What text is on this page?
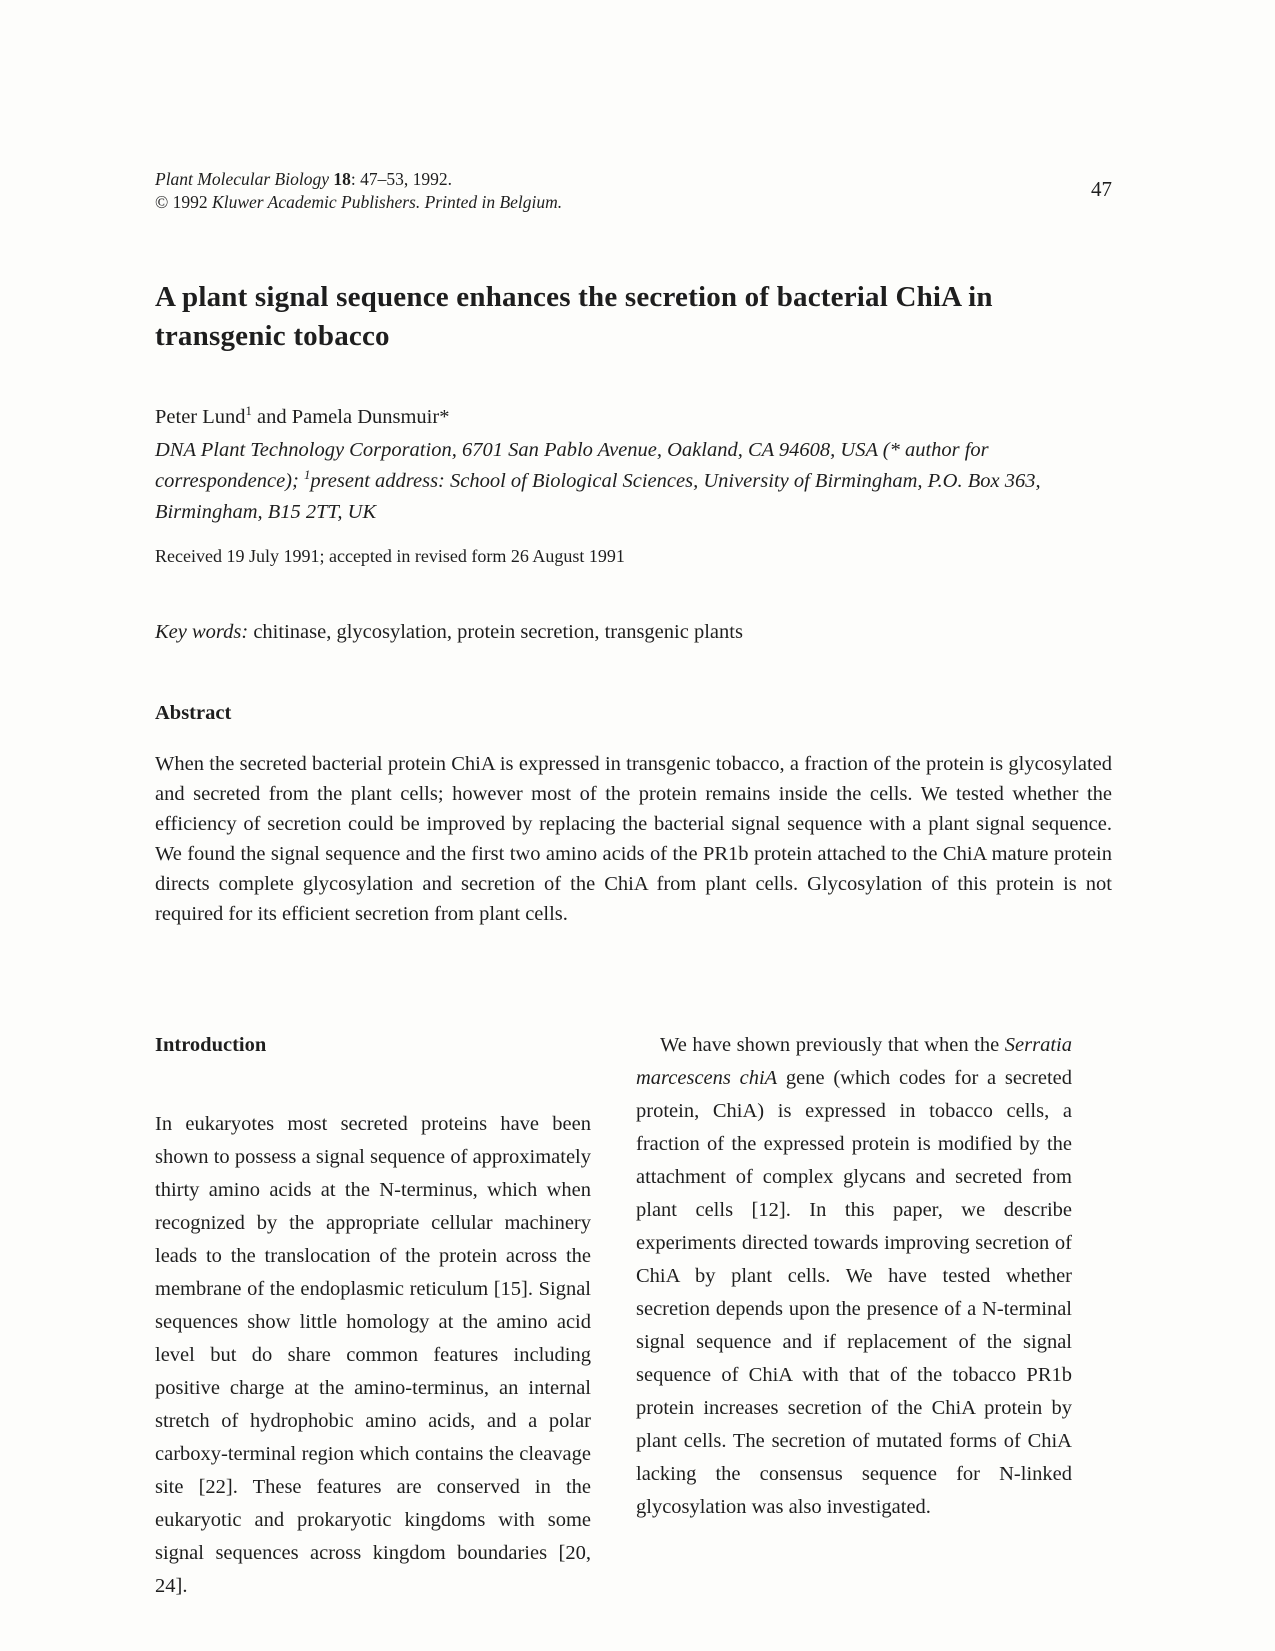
Plant Molecular Biology 18: 47–53, 1992.
© 1992 Kluwer Academic Publishers. Printed in Belgium.
47
A plant signal sequence enhances the secretion of bacterial ChiA in transgenic tobacco
Peter Lund$^1$ and Pamela Dunsmuir*
DNA Plant Technology Corporation, 6701 San Pablo Avenue, Oakland, CA 94608, USA (* author for correspondence); $^1$present address: School of Biological Sciences, University of Birmingham, P.O. Box 363, Birmingham, B15 2TT, UK
Received 19 July 1991; accepted in revised form 26 August 1991
Key words: chitinase, glycosylation, protein secretion, transgenic plants
Abstract

When the secreted bacterial protein ChiA is expressed in transgenic tobacco, a fraction of the protein is glycosylated and secreted from the plant cells; however most of the protein remains inside the cells. We tested whether the efficiency of secretion could be improved by replacing the bacterial signal sequence with a plant signal sequence. We found the signal sequence and the first two amino acids of the PR1b protein attached to the ChiA mature protein directs complete glycosylation and secretion of the ChiA from plant cells. Glycosylation of this protein is not required for its efficient secretion from plant cells.

Introduction

In eukaryotes most secreted proteins have been shown to possess a signal sequence of approximately thirty amino acids at the N-terminus, which when recognized by the appropriate cellular machinery leads to the translocation of the protein across the membrane of the endoplasmic reticulum [15]. Signal sequences show little homology at the amino acid level but do share common features including positive charge at the amino-terminus, an internal stretch of hydrophobic amino acids, and a polar carboxy-terminal region which contains the cleavage site [22]. These features are conserved in the eukaryotic and prokaryotic kingdoms with some signal sequences across kingdom boundaries [20, 24].

We have shown previously that when the Serratia marcescens chiA gene (which codes for a secreted protein, ChiA) is expressed in tobacco cells, a fraction of the expressed protein is modified by the attachment of complex glycans and secreted from plant cells [12]. In this paper, we describe experiments directed towards improving secretion of ChiA by plant cells. We have tested whether secretion depends upon the presence of a N-terminal signal sequence and if replacement of the signal sequence of ChiA with that of the tobacco PR1b protein increases secretion of the ChiA protein by plant cells. The secretion of mutated forms of ChiA lacking the consensus sequence for N-linked glycosylation was also investigated.
